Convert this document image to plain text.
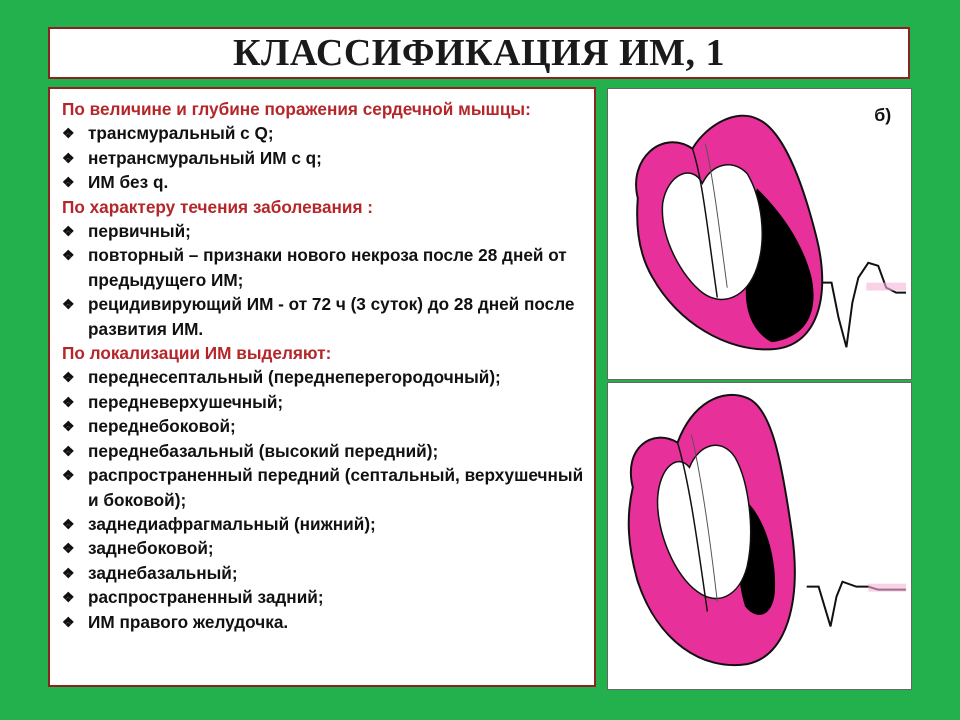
КЛАССИФИКАЦИЯ ИМ, 1
По величине и глубине поражения сердечной мышцы:
❖ трансмуральный с Q;
❖ нетрансмуральный ИМ с q;
❖ ИМ без q.
По характеру течения заболевания :
❖ первичный;
❖ повторный – признаки нового некроза после 28 дней от предыдущего ИМ;
❖ рецидивирующий ИМ - от 72 ч (3 суток) до 28 дней после развития ИМ.
По локализации ИМ выделяют:
❖ переднесептальный (переднеперегородочный);
❖ передневерхушечный;
❖ переднебоковой;
❖ переднебазальный (высокий передний);
❖ распространенный передний (септальный, верхушечный и боковой);
❖ заднедиафрагмальный (нижний);
❖ заднебоковой;
❖ заднебазальный;
❖ распространенный задний;
❖ ИМ правого желудочка.
б)
